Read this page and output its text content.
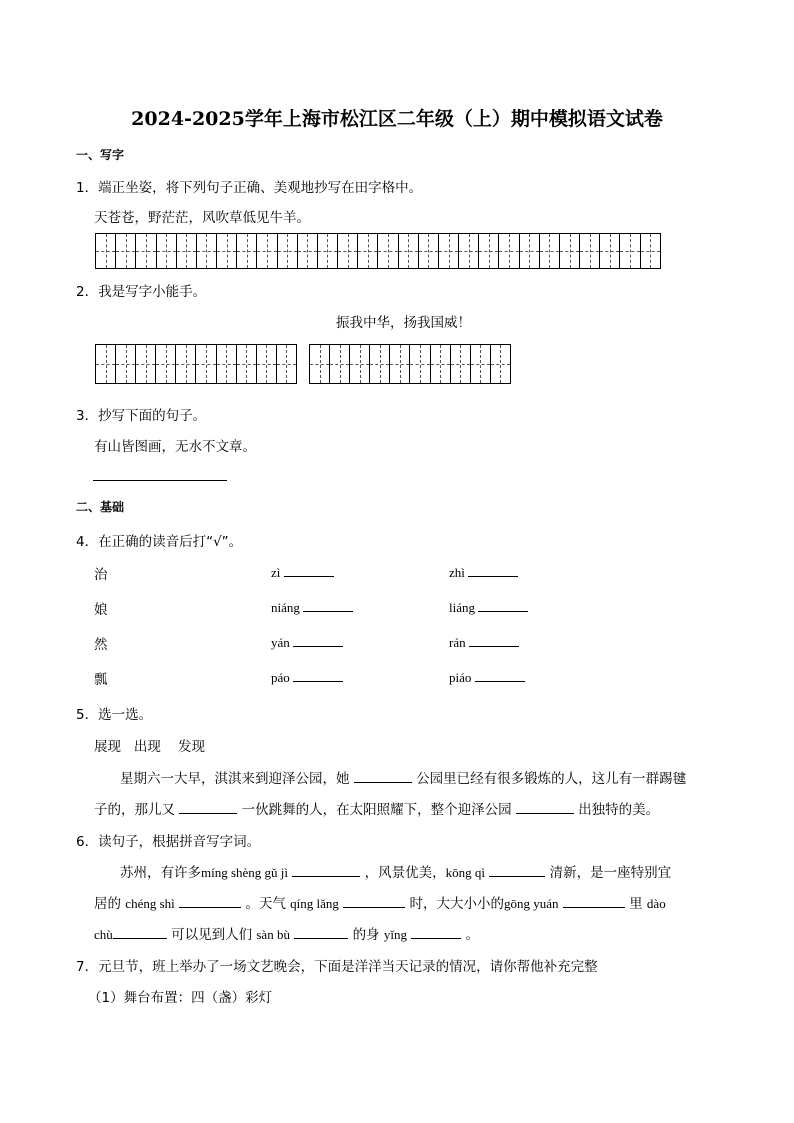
2024-2025学年上海市松江区二年级（上）期中模拟语文试卷
一、写字
1．端正坐姿，将下列句子正确、美观地抄写在田字格中。
天苍苍，野茫茫，风吹草低见牛羊。
2．我是写字小能手。
振我中华，扬我国威！
3．抄写下面的句子。
有山皆图画，无水不文章。
二、基础
4．在正确的读音后打“√”。
治	zì	zhì
娘	niáng	liáng
然	yán	rán
瓢	páo	piáo
5．选一选。
展现   出现    发现
星期六一大早，淇淇来到迎泽公园，她	公园里已经有很多锻炼的人，这儿有一群踢毽
子的，那儿又	一伙跳舞的人，在太阳照耀下，整个迎泽公园	出独特的美。
6．读句子，根据拼音写字词。
苏州，有许多míng shèng gǔ jì	，风景优美，kōng qì	清新，是一座特别宜
居的 chéng shì	。天气 qíng lǎng	时，大大小小的gōng yuán	里 dào
chù	可以见到人们 sàn bù	的身 yǐng	。
7．元旦节，班上举办了一场文艺晚会，下面是洋洋当天记录的情况，请你帮他补充完整
（1）舞台布置：四（盏）彩灯
